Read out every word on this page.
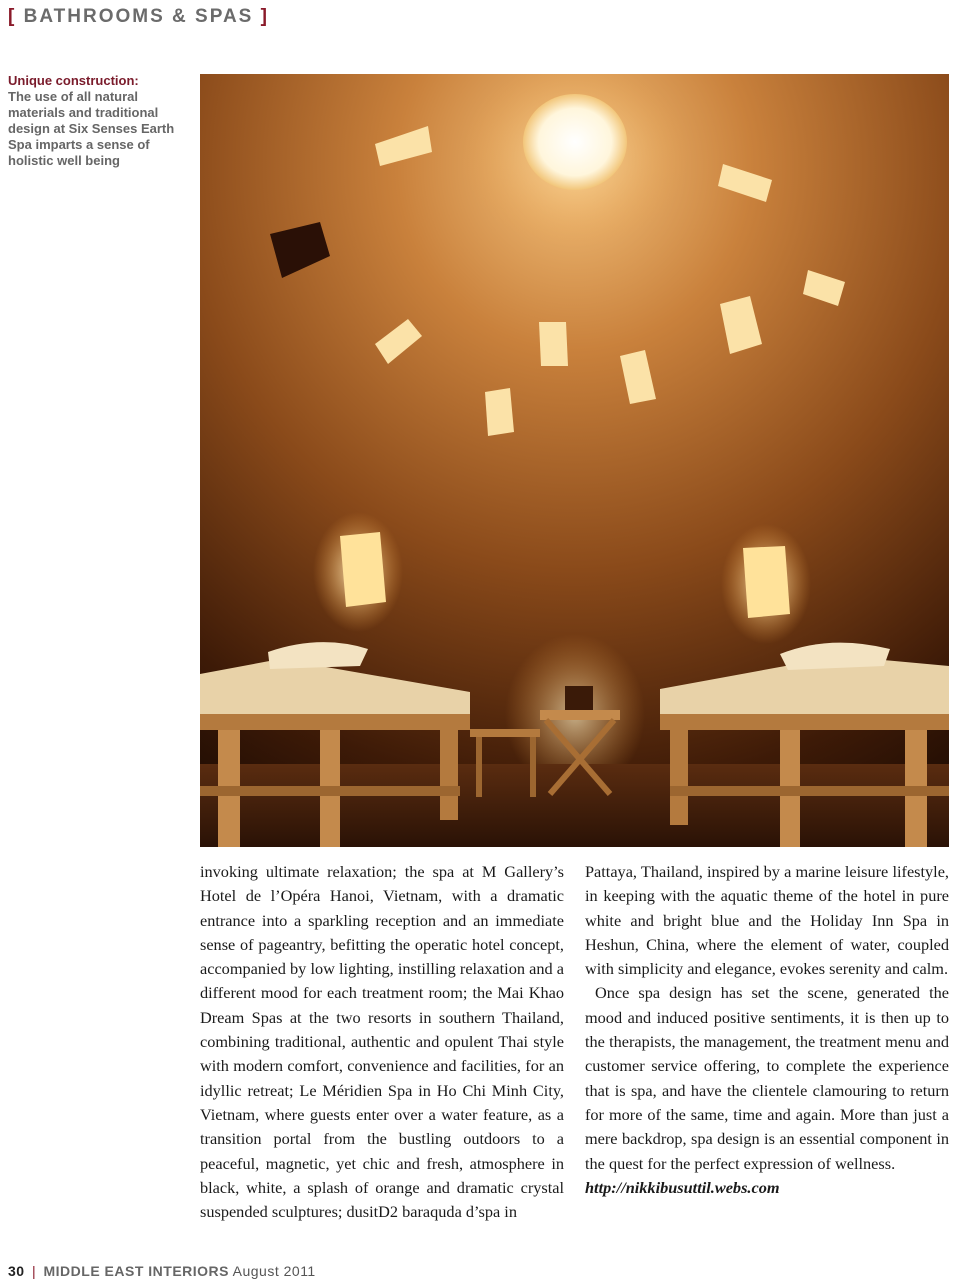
[ BATHROOMS & SPAS ]
Unique construction:
The use of all natural materials and traditional design at Six Senses Earth Spa imparts a sense of holistic well being

invoking ultimate relaxation; the spa at M Gallery’s Hotel de l’Opéra Hanoi, Vietnam, with a dramatic entrance into a sparkling reception and an immediate sense of pageantry, befitting the operatic hotel concept, accompanied by low lighting, instilling relaxation and a different mood for each treatment room; the Mai Khao Dream Spas at the two resorts in southern Thailand, combining traditional, authentic and opulent Thai style with modern comfort, convenience and facilities, for an idyllic retreat; Le Méridien Spa in Ho Chi Minh City, Vietnam, where guests enter over a water feature, as a transition portal from the bustling outdoors to a peaceful, magnetic, yet chic and fresh, atmosphere in black, white, a splash of orange and dramatic crystal suspended sculptures; dusitD2 baraquda d’spa in

Pattaya, Thailand, inspired by a marine leisure lifestyle, in keeping with the aquatic theme of the hotel in pure white and bright blue and the Holiday Inn Spa in Heshun, China, where the element of water, coupled with simplicity and elegance, evokes serenity and calm.

Once spa design has set the scene, generated the mood and induced positive sentiments, it is then up to the therapists, the management, the treatment menu and customer service offering, to complete the experience that is spa, and have the clientele clamouring to return for more of the same, time and again. More than just a mere backdrop, spa design is an essential component in the quest for the perfect expression of wellness.

http://nikkibusuttil.webs.com
30 | MIDDLE EAST INTERIORS August 2011
